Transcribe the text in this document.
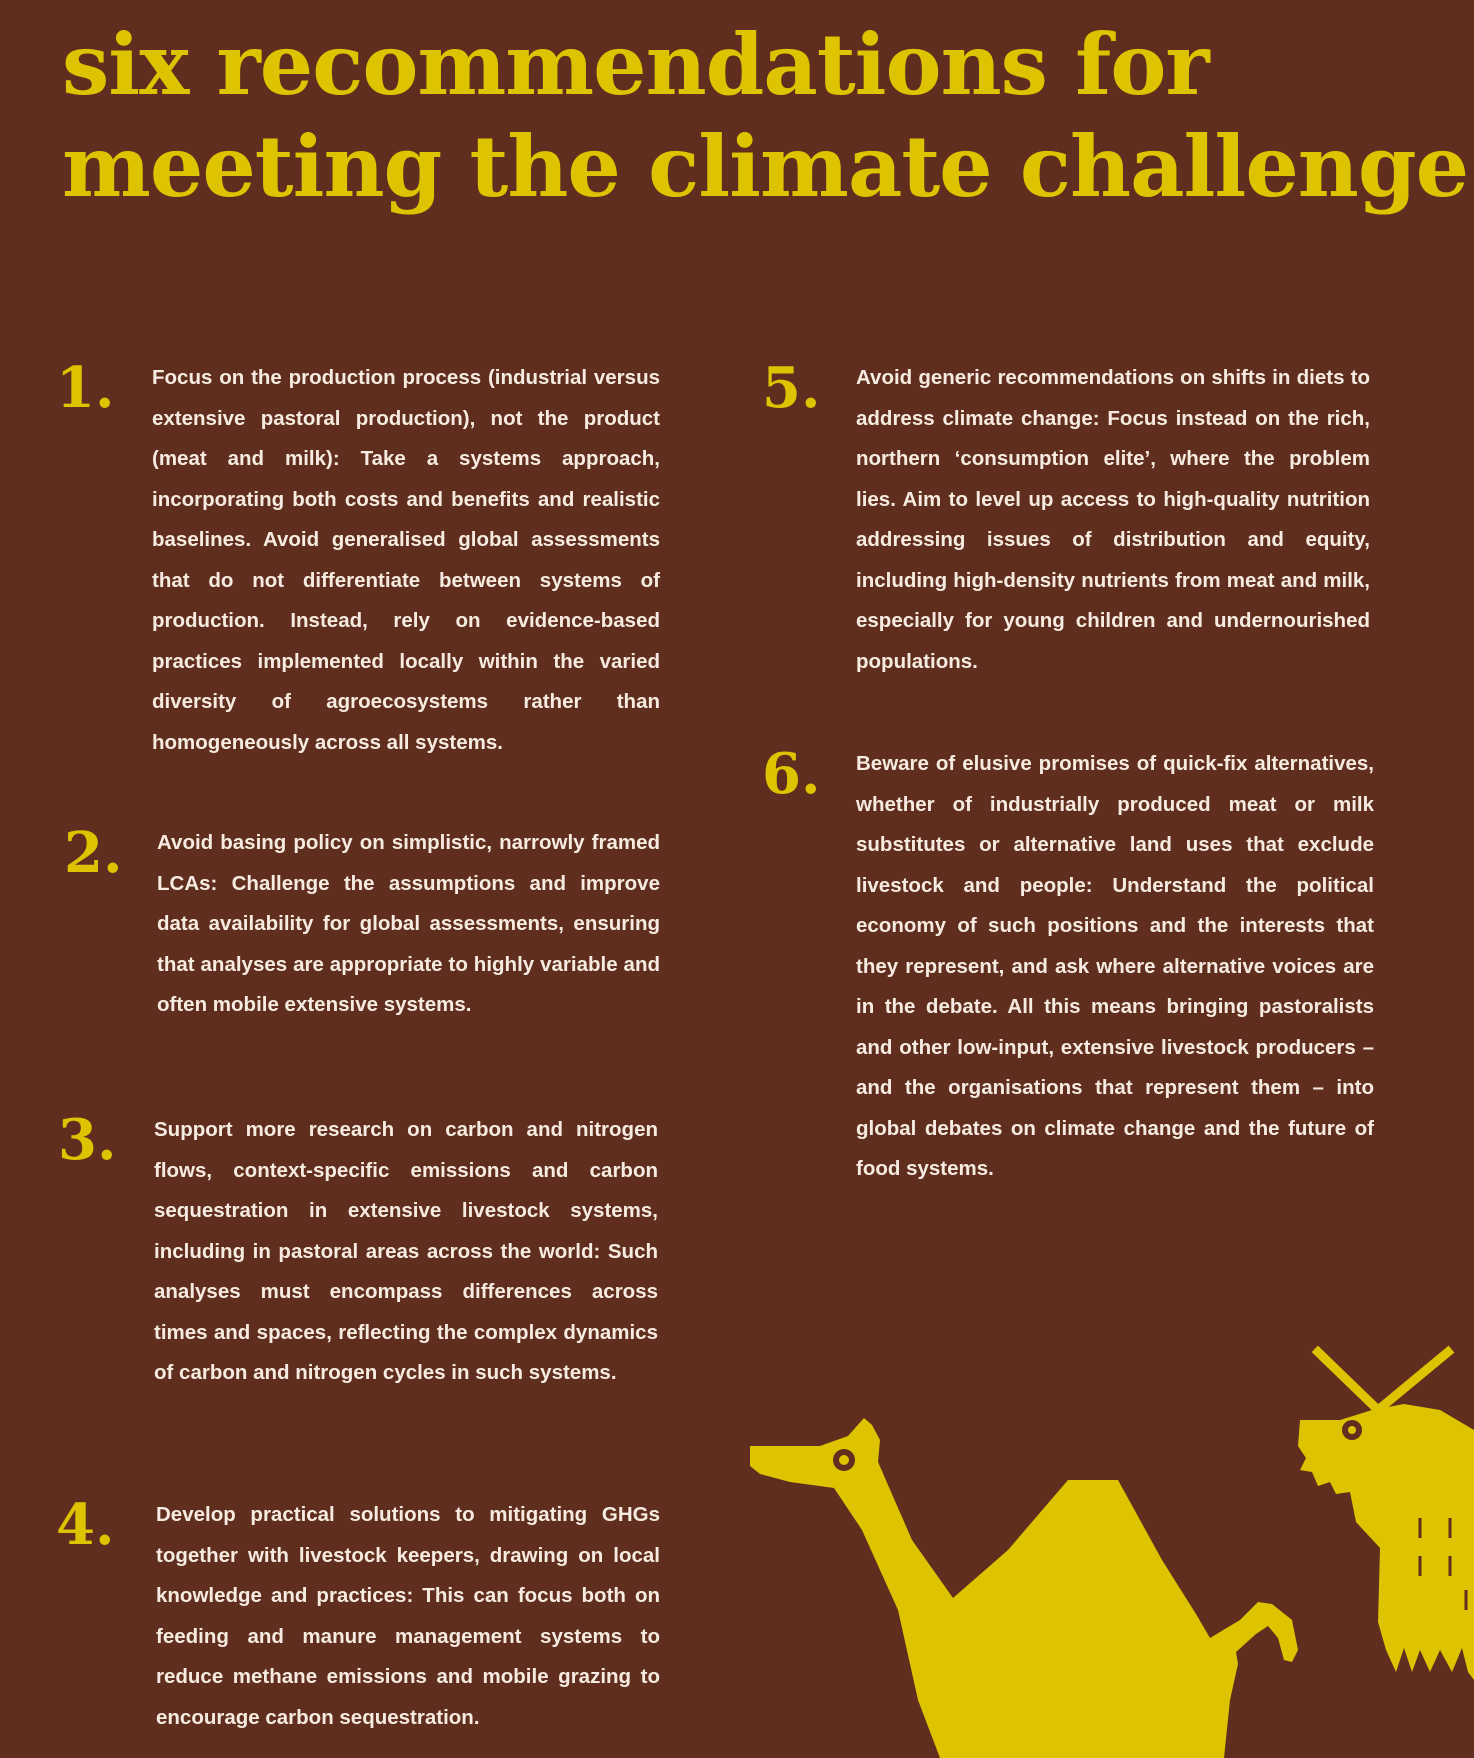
six recommendations for
meeting the climate challenge
1. Focus on the production process (industrial versus extensive pastoral production), not the product (meat and milk): Take a systems approach, incorporating both costs and benefits and realistic baselines. Avoid generalised global assessments that do not differentiate between systems of production. Instead, rely on evidence-based practices implemented locally within the varied diversity of agroecosystems rather than homogeneously across all systems.

2. Avoid basing policy on simplistic, narrowly framed LCAs: Challenge the assumptions and improve data availability for global assessments, ensuring that analyses are appropriate to highly variable and often mobile extensive systems.

3. Support more research on carbon and nitrogen flows, context-specific emissions and carbon sequestration in extensive livestock systems, including in pastoral areas across the world: Such analyses must encompass differences across times and spaces, reflecting the complex dynamics of carbon and nitrogen cycles in such systems.

4. Develop practical solutions to mitigating GHGs together with livestock keepers, drawing on local knowledge and practices: This can focus both on feeding and manure management systems to reduce methane emissions and mobile grazing to encourage carbon sequestration.

5. Avoid generic recommendations on shifts in diets to address climate change: Focus instead on the rich, northern ‘consumption elite’, where the problem lies. Aim to level up access to high-quality nutrition addressing issues of distribution and equity, including high-density nutrients from meat and milk, especially for young children and undernourished populations.

6. Beware of elusive promises of quick-fix alternatives, whether of industrially produced meat or milk substitutes or alternative land uses that exclude livestock and people: Understand the political economy of such positions and the interests that they represent, and ask where alternative voices are in the debate. All this means bringing pastoralists and other low-input, extensive livestock producers – and the organisations that represent them – into global debates on climate change and the future of food systems.
